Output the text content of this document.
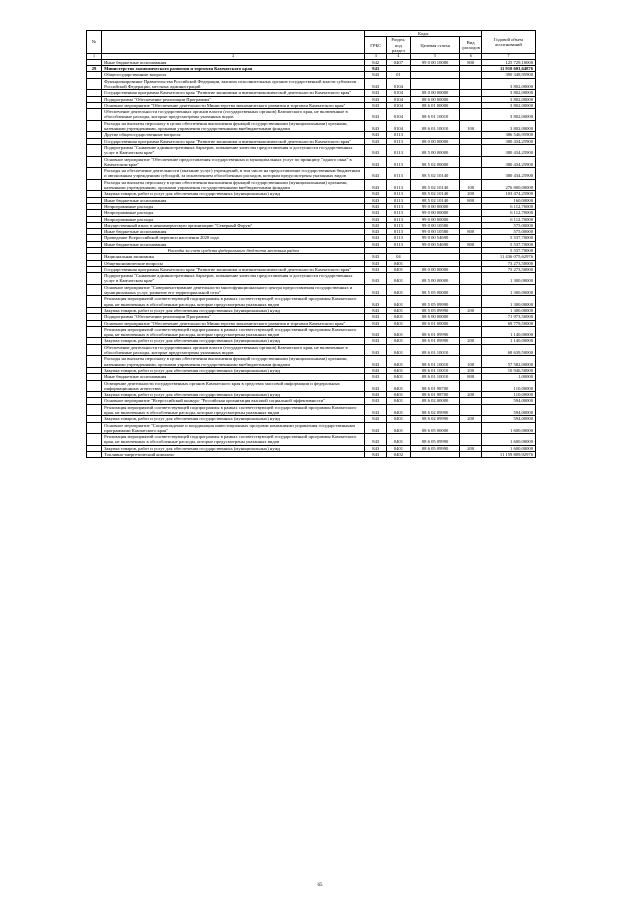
№		Коды				Годовой объем ассигнований
		ГРБС	Раздел, под раздел	Целевая статья	Вид расходов	
1	2	3	4	5	6	7
	Иные бюджетные ассигнования	842	0407	99 0 00 10080	800	125 729,10000
29	Министерство экономического развития и торговли Камчатского края	843				11 910 603,64876
	Общегосударственные вопросы	843	01			390 348,95900
	Функционирование Правительства Российской Федерации, высших исполнительных органов государственной власти субъектов Российской Федерации, местных администраций	843	0104			3 802,00000
	Государственная программа Камчатского края "Развитие экономики и внешнеэкономической деятельности Камчатского края"	843	0104	08 0 00 00000		3 802,00000
	Подпрограмма "Обеспечение реализации Программы"	843	0104	08 6 00 00000		3 802,00000
	Основное мероприятие "Обеспечение деятельности Министерства экономического развития и торговли Камчатского края"	843	0104	08 6 01 00000		3 802,00000
	Обеспечение деятельности государственных органов власти (государственных органов) Камчатского края, не включенные в обособленные расходы, которые предусмотрены указанных видов	843	0104	08 6 01 10010		3 802,00000
	Расходы на выплаты персоналу в целях обеспечения выполнения функций государственными (муниципальными) органами, казенными учреждениями, органами управления государственными внебюджетными фондами	843	0104	08 6 01 10010	100	3 802,00000
	Другие общегосударственные вопросы	843	0113			386 546,95900
	Государственная программа Камчатского края "Развитие экономики и внешнеэкономической деятельности Камчатского края"	843	0113	08 0 00 00000		380 434,25900
	Подпрограмма "Снижение административных барьеров, повышение качества предоставления и доступности государственных услуг в Камчатском крае"	843	0113	08 5 00 00000		380 434,25900
	Основное мероприятие "Обеспечение предоставления государственных и муниципальных услуг по принципу "одного окна" в Камчатском крае"	843	0113	08 5 02 00000		380 434,25900
	Расходы на обеспечение деятельности (оказание услуг) учреждений, в том числе на предоставление государственным бюджетным и автономным учреждениям субсидий, за исключением обособленных расходов, которым предусмотрены указанных видов	843	0113	08 5 02 10140		380 434,25900
	Расходы на выплаты персоналу в целях обеспечения выполнения функций государственными (муниципальными) органами, казенными учреждениями, органами управления государственными внебюджетными фондами	843	0113	08 5 02 10140	100	276 800,00000
	Закупка товаров, работ и услуг для обеспечения государственных (муниципальных) нужд	843	0113	08 5 02 10140	200	103 474,25900
	Иные бюджетные ассигнования	843	0113	08 5 02 10140	800	160,00000
	Непрограммные расходы	843	0113	99 0 00 00000		6 112,70000
	Непрограммные расходы	843	0113	99 0 00 00000		6 112,70000
	Непрограммные расходы	843	0113	99 0 00 00000		6 112,70000
	Имущественный взнос в некоммерческую организацию "Северный Форум"	843	0113	99 0 00 10580		575,00000
	Иные бюджетные ассигнования	843	0113	99 0 00 10580	800	575,00000
	Проведение Всероссийской переписи населения 2020 года	843	0113	99 0 00 54690		5 537,70000
	Иные бюджетные ассигнования	843	0113	99 0 00 54690	800	5 537,70000
	Расходы за счет средств федерального бюджета местным рядом					5 537,70000
	Национальная экономика	843	04			11 436 075,62976
	Общеэкономические вопросы	843	0401			73 273,50000
	Государственная программа Камчатского края "Развитие экономики и внешнеэкономической деятельности Камчатского края"	843	0401	08 0 00 00000		73 273,50000
	Подпрограмма "Снижение административных барьеров, повышение качества предоставления и доступности государственных услуг в Камчатском крае"	843	0401	08 5 00 00000		1 300,00000
	Основное мероприятие "Совершенствование деятельности многофункционального центра предоставления государственных и муниципальных услуг, развитие его территориальной сети"	843	0401	08 5 05 00000		1 300,00000
	Реализация мероприятий соответствующей подпрограммы в рамках соответствующей государственной программы Камчатского края, не включенных в обособленные расходы, которые предусмотрены указанных видов	843	0401	08 5 05 09990		1 300,00000
	Закупка товаров, работ и услуг для обеспечения государственных (муниципальных) нужд	843	0401	08 5 05 09990	200	1 300,00000
	Подпрограмма "Обеспечение реализации Программы"	843	0401	08 6 00 00000		71 973,50000
	Основное мероприятие "Обеспечение деятельности Министерства экономического развития и торговли Камчатского края"	843	0401	08 6 01 00000		69 779,50000
	Реализация мероприятий соответствующей подпрограммы в рамках соответствующей государственной программы Камчатского края, не включенных в обособленные расходы, которые предусмотрены указанных видов	843	0401	08 6 01 09990		1 140,00000
	Закупка товаров, работ и услуг для обеспечения государственных (муниципальных) нужд	843	0401	08 6 01 09990	200	1 140,00000
	Обеспечение деятельности государственных органов власти (государственных органов) Камчатского края, не включенные в обособленные расходы, которые предусмотрены указанных видов	843	0401	08 6 01 10010		68 639,50000
	Расходы на выплаты персоналу в целях обеспечения выполнения функций государственными (муниципальными) органами, казенными учреждениями, органами управления государственными внебюджетными фондами	843	0401	08 6 01 10010	100	57 582,00000
	Закупка товаров, работ и услуг для обеспечения государственных (муниципальных) нужд	843	0401	08 6 01 10010	200	10 946,50000
	Иные бюджетные ассигнования	843	0401	08 6 01 10010	800	1,00000
	Освещение деятельности государственных органов Камчатского края в средствах массовой информации и федеральных информационных агентствах	843	0401	08 6 01 98700		110,00000
	Закупка товаров, работ и услуг для обеспечения государственных (муниципальных) нужд	843	0401	08 6 01 98700	200	110,00000
	Основное мероприятие "Всероссийский конкурс "Российская организация высокой социальной эффективности"	843	0401	08 6 02 00000		594,00000
	Реализация мероприятий соответствующей подпрограммы в рамках соответствующей государственной программы Камчатского края, не включенных в обособленные расходы, которые предусмотрены указанных видов	843	0401	08 6 02 09990		594,00000
	Закупка товаров, работ и услуг для обеспечения государственных (муниципальных) нужд	843	0401	08 6 02 09990	200	594,00000
	Основное мероприятие "Сопровождение и координация инвестиционных программ компаниями управления государственными программами Камчатского края"	843	0401	08 6 05 00000		1 600,00000
	Реализация мероприятий соответствующей подпрограммы в рамках соответствующей государственной программы Камчатского края, не включенных в обособленные расходы, которые предусмотрены указанных видов	843	0401	08 6 05 09990		1 600,00000
	Закупка товаров, работ и услуг для обеспечения государственных (муниципальных) нужд	843	0401	08 6 05 09990	200	1 600,00000
	Топливно-энергетический комплекс	843	0402			11 159 809,92976
65
